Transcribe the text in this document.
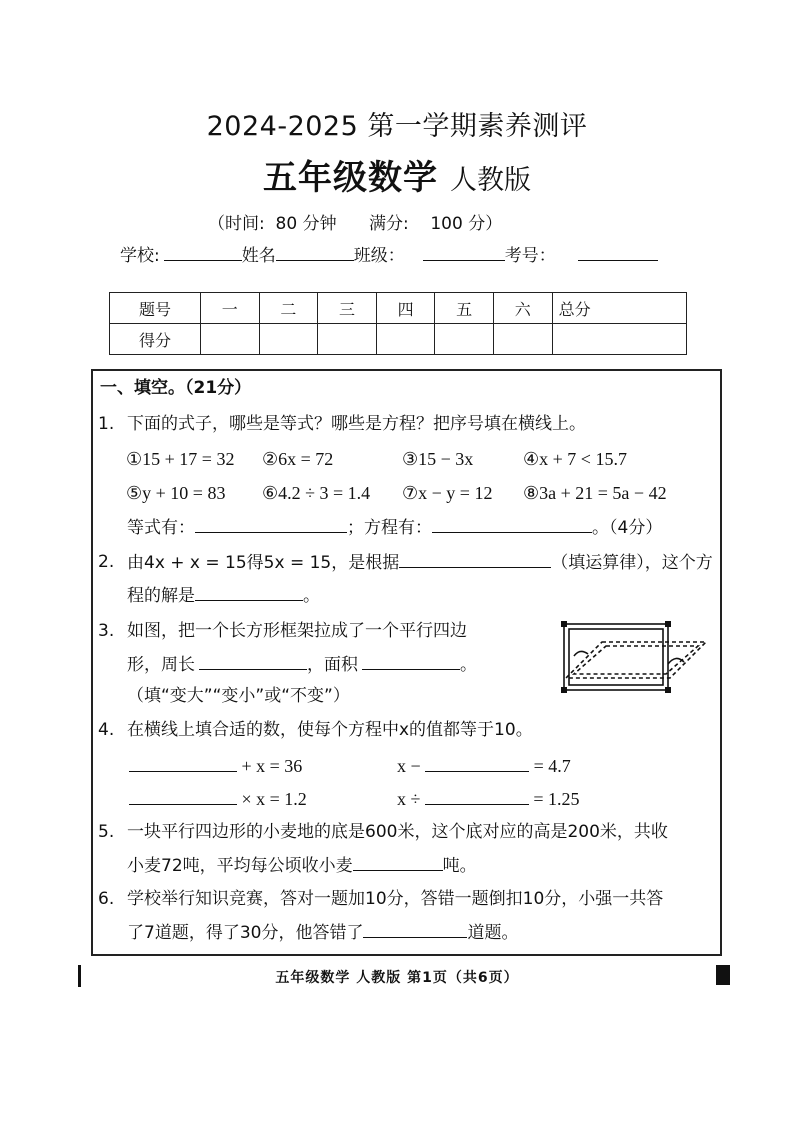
2024-2025 第一学期素养测评
五年级数学 人教版
（时间:  80 分钟      满分:    100 分）
学校:	姓名	班级：	考号：
题号	一	二	三	四	五	六	总分
得分							
一、填空。（21分）
1. 下面的式子，哪些是等式？哪些是方程？把序号填在横线上。
①15 + 17 = 32 ②6x = 72	③15 − 3x	④x + 7 < 15.7
⑤y + 10 = 83 ⑥4.2 ÷ 3 = 1.4 ⑦x − y = 12 ⑧3a + 21 = 5a − 42
等式有：	；方程有：	。（4分）
2. 由4x + x = 15得5x = 15，是根据	（填运算律），这个方
程的解是	。
3. 如图，把一个长方形框架拉成了一个平行四边
形，周长	，面积	。
（填“变大”“变小”或“不变”）
4. 在横线上填合适的数，使每个方程中x的值都等于10。
+ x = 36	x −	= 4.7
× x = 1.2	x ÷	= 1.25
5. 一块平行四边形的小麦地的底是600米，这个底对应的高是200米，共收
小麦72吨，平均每公顷收小麦	吨。
6. 学校举行知识竞赛，答对一题加10分，答错一题倒扣10分，小强一共答
了7道题，得了30分，他答错了	道题。
五年级数学 人教版 第1页（共6页）
